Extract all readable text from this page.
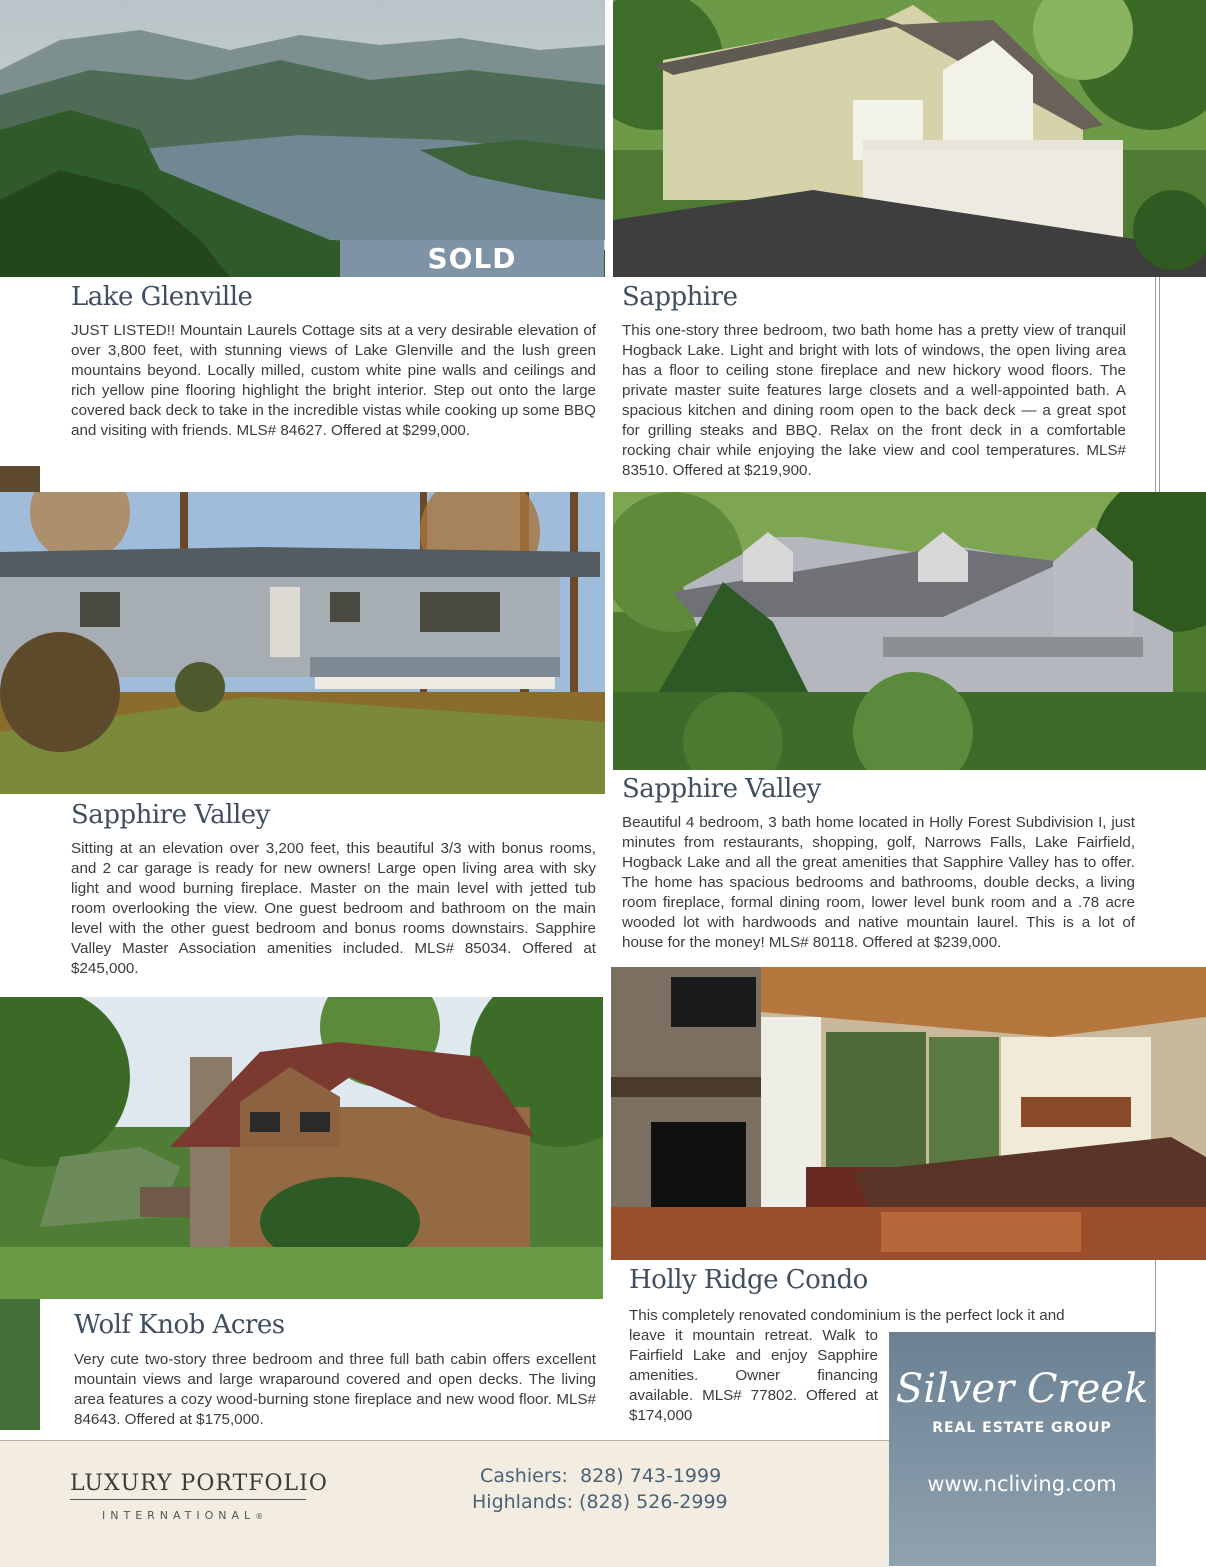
SOLD
Lake Glenville

JUST LISTED!! Mountain Laurels Cottage sits at a very desirable elevation of over 3,800 feet, with stunning views of Lake Glenville and the lush green mountains beyond. Locally milled, custom white pine walls and ceilings and rich yellow pine flooring highlight the bright interior. Step out onto the large covered back deck to take in the incredible vistas while cooking up some BBQ and visiting with friends. MLS# 84627. Offered at $299,000.

Sapphire

This one-story three bedroom, two bath home has a pretty view of tranquil Hogback Lake. Light and bright with lots of windows, the open living area has a floor to ceiling stone fireplace and new hickory wood floors. The private master suite features large closets and a well-appointed bath. A spacious kitchen and dining room open to the back deck — a great spot for grilling steaks and BBQ. Relax on the front deck in a comfortable rocking chair while enjoying the lake view and cool temperatures. MLS# 83510. Offered at $219,900.

Sapphire Valley

Sitting at an elevation over 3,200 feet, this beautiful 3/3 with bonus rooms, and 2 car garage is ready for new owners! Large open living area with sky light and wood burning fireplace. Master on the main level with jetted tub room overlooking the view. One guest bedroom and bathroom on the main level with the other guest bedroom and bonus rooms downstairs. Sapphire Valley Master Association amenities included. MLS# 85034. Offered at $245,000.

Sapphire Valley

Beautiful 4 bedroom, 3 bath home located in Holly Forest Subdivision I, just minutes from restaurants, shopping, golf, Narrows Falls, Lake Fairfield, Hogback Lake and all the great amenities that Sapphire Valley has to offer. The home has spacious bedrooms and bathrooms, double decks, a living room fireplace, formal dining room, lower level bunk room and a .78 acre wooded lot with hardwoods and native mountain laurel. This is a lot of house for the money! MLS# 80118. Offered at $239,000.

Wolf Knob Acres

Very cute two-story three bedroom and three full bath cabin offers excellent mountain views and large wraparound covered and open decks. The living area features a cozy wood-burning stone fireplace and new wood floor. MLS# 84643. Offered at $175,000.

Holly Ridge Condo

This completely renovated condominium is the perfect lock it and

leave it mountain retreat. Walk to Fairfield Lake and enjoy Sapphire amenities. Owner financing available. MLS# 77802. Offered at $174,000

LUXURY PORTFOLIO
INTERNATIONAL®
Cashiers:  828) 743-1999
Highlands: (828) 526-2999
Silver Creek
REAL ESTATE GROUP
www.ncliving.com
